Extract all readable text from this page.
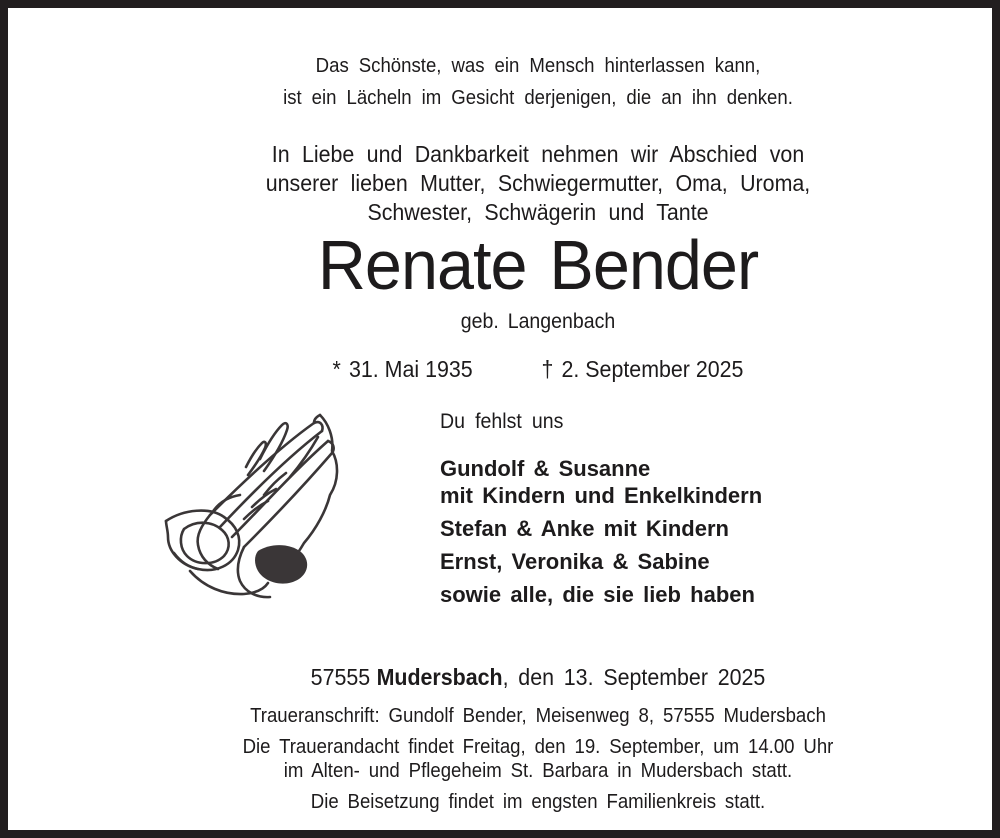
Das Schönste, was ein Mensch hinterlassen kann,
ist ein Lächeln im Gesicht derjenigen, die an ihn denken.
In Liebe und Dankbarkeit nehmen wir Abschied von
unserer lieben Mutter, Schwiegermutter, Oma, Uroma,
Schwester, Schwägerin und Tante
Renate Bender
geb. Langenbach
* 31. Mai 1935	† 2. September 2025
Du fehlst uns
Gundolf & Susanne
mit Kindern und Enkelkindern
Stefan & Anke mit Kindern
Ernst, Veronika & Sabine
sowie alle, die sie lieb haben
57555 Mudersbach, den 13. September 2025
Traueranschrift: Gundolf Bender, Meisenweg 8, 57555 Mudersbach
Die Trauerandacht findet Freitag, den 19. September, um 14.00 Uhr
im Alten- und Pflegeheim St. Barbara in Mudersbach statt.
Die Beisetzung findet im engsten Familienkreis statt.
